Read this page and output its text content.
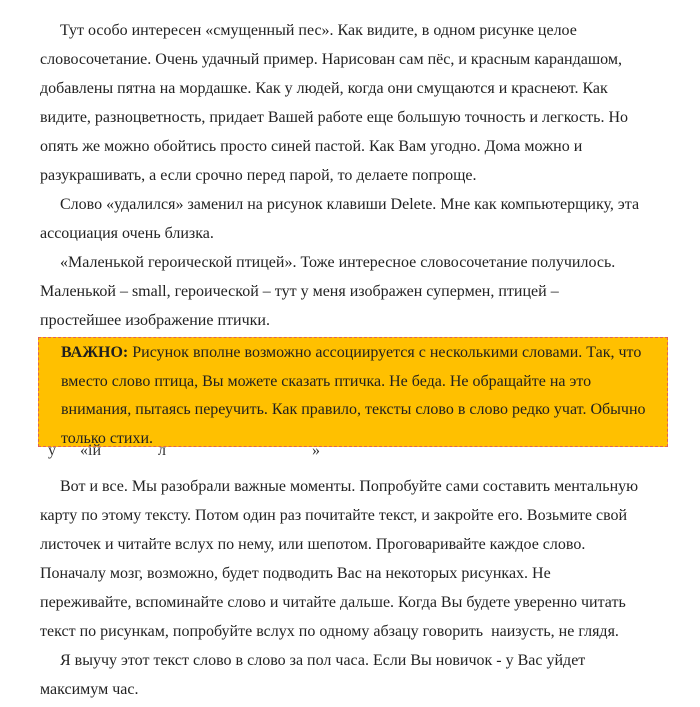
Тут особо интересен «смущенный пес». Как видите, в одном рисунке целое
словосочетание. Очень удачный пример. Нарисован сам пёс, и красным карандашом,
добавлены пятна на мордашке. Как у людей, когда они смущаются и краснеют. Как
видите, разноцветность, придает Вашей работе еще большую точность и легкость. Но
опять же можно обойтись просто синей пастой. Как Вам угодно. Дома можно и
разукрашивать, а если срочно перед парой, то делаете попроще.

Слово «удалился» заменил на рисунок клавиши Delete. Мне как компьютерщику, эта
ассоциация очень близка.

«Маленькой героической птицей». Тоже интересное словосочетание получилось.
Маленькой – small, героической – тут у меня изображен супермен, птицей –
простейшее изображение птички.

ВАЖНО: Рисунок вполне возможно ассоциируется с несколькими словами. Так, что
вместо слово птица, Вы можете сказать птичка. Не беда. Не обращайте на это
внимания, пытаясь переучить. Как правило, тексты слово в слово редко учат. Обычно
только стихи.

у «ій	л	»

Вот и все. Мы разобрали важные моменты. Попробуйте сами составить ментальную
карту по этому тексту. Потом один раз почитайте текст, и закройте его. Возьмите свой
листочек и читайте вслух по нему, или шепотом. Проговаривайте каждое слово.
Поначалу мозг, возможно, будет подводить Вас на некоторых рисунках. Не
переживайте, вспоминайте слово и читайте дальше. Когда Вы будете уверенно читать
текст по рисункам, попробуйте вслух по одному абзацу говорить  наизусть, не глядя.

Я выучу этот текст слово в слово за пол часа. Если Вы новичок - у Вас уйдет
максимум час.
